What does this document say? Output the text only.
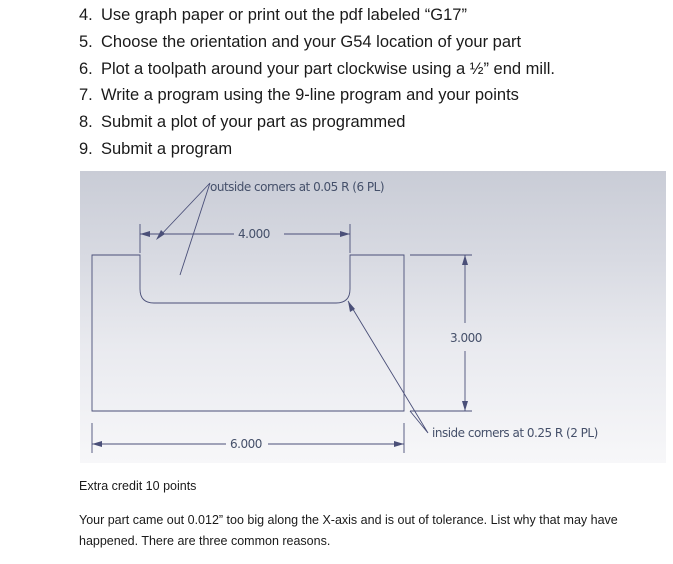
4. Use graph paper or print out the pdf labeled “G17”
5. Choose the orientation and your G54 location of your part
6. Plot a toolpath around your part clockwise using a ½” end mill.
7. Write a program using the 9-line program and your points
8. Submit a plot of your part as programmed
9. Submit a program
outside corners at 0.05 R (6 PL)
4.000
6.000
3.000
inside corners at 0.25 R (2 PL)
Extra credit 10 points
Your part came out 0.012” too big along the X-axis and is out of tolerance. List why that may have happened. There are three common reasons.
